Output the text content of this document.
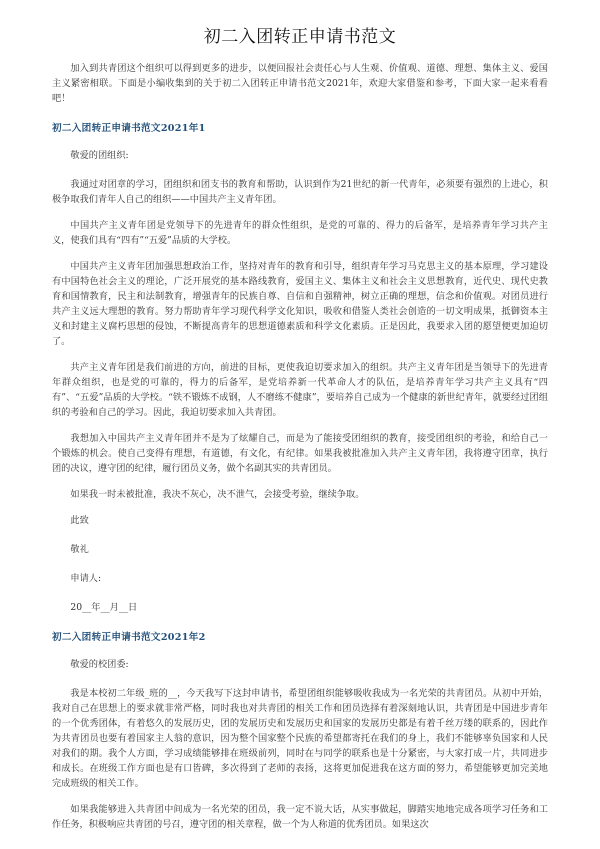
初二入团转正申请书范文

加入到共青团这个组织可以得到更多的进步，以便回报社会责任心与人生观、价值观、道德、理想、集体主义、爱国主义紧密相联。下面是小编收集到的关于初二入团转正申请书范文2021年，欢迎大家借鉴和参考，下面大家一起来看看吧！

初二入团转正申请书范文2021年1

敬爱的团组织:

我通过对团章的学习，团组织和团支书的教育和帮助，认识到作为21世纪的新一代青年，必须要有强烈的上进心，积极争取我们青年人自己的组织——中国共产主义青年团。

中国共产主义青年团是党领导下的先进青年的群众性组织，是党的可靠的、得力的后备军，是培养青年学习共产主义，使我们具有“四有”“五爱”品质的大学校。

中国共产主义青年团加强思想政治工作，坚持对青年的教育和引导，组织青年学习马克思主义的基本原理，学习建设有中国特色社会主义的理论，广泛开展党的基本路线教育，爱国主义、集体主义和社会主义思想教育，近代史、现代史教育和国情教育，民主和法制教育，增强青年的民族自尊、自信和自强精神，树立正确的理想，信念和价值观。对团员进行共产主义远大理想的教育。努力帮助青年学习现代科学文化知识，吸收和借鉴人类社会创造的一切文明成果，抵御资本主义和封建主义腐朽思想的侵蚀，不断提高青年的思想道德素质和科学文化素质。正是因此，我要求入团的愿望便更加迫切了。

共产主义青年团是我们前进的方向，前进的目标，更使我迫切要求加入的组织。共产主义青年团是当领导下的先进青年群众组织，也是党的可靠的，得力的后备军，是党培养新一代革命人才的队伍，是培养青年学习共产主义具有“四有”、“五爱”品质的大学校。“铁不锻炼不成钢，人不磨练不健康”，要培养自己成为一个健康的新世纪青年，就要经过团组织的考验和自己的学习。因此，我迫切要求加入共青团。

我想加入中国共产主义青年团并不是为了炫耀自己，而是为了能接受团组织的教育，接受团组织的考验，和给自己一个锻炼的机会。使自己变得有理想，有道德，有文化，有纪律。如果我被批准加入共产主义青年团，我将遵守团章，执行团的决议，遵守团的纪律，履行团员义务，做个名副其实的共青团员。

如果我一时未被批准，我决不灰心，决不泄气，会接受考验，继续争取。

此致

敬礼

申请人:

20__年__月__日

初二入团转正申请书范文2021年2

敬爱的校团委:

我是本校初二年级_班的__，今天我写下这封申请书，希望团组织能够吸收我成为一名光荣的共青团员。从初中开始，我对自己在思想上的要求就非常严格，同时我也对共青团的相关工作和团员选择有着深刻地认识，共青团是中国进步青年的一个优秀团体，有着悠久的发展历史，团的发展历史和发展历史和国家的发展历史都是有着千丝万缕的联系的，因此作为共青团员也要有着国家主人翁的意识，因为整个国家整个民族的希望都寄托在我们的身上，我们不能够辜负国家和人民对我们的期。我个人方面，学习成绩能够排在班级前列，同时在与同学的联系也是十分紧密，与大家打成一片，共同进步和成长。在班级工作方面也是有口皆碑，多次得到了老师的表扬，这将更加促进我在这方面的努力，希望能够更加完美地完成班级的相关工作。

如果我能够进入共青团中间成为一名光荣的团员，我一定不说大话，从实事做起，脚踏实地地完成各项学习任务和工作任务，积极响应共青团的号召，遵守团的相关章程，做一个为人称道的优秀团员。如果这次
